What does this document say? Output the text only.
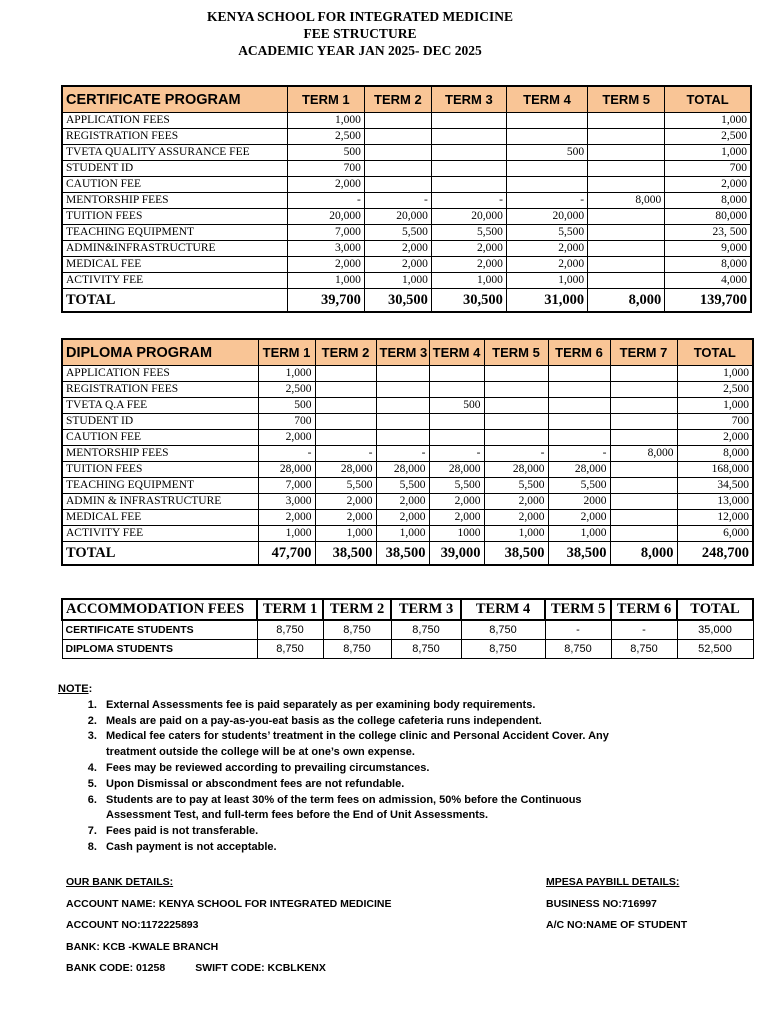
KENYA SCHOOL FOR INTEGRATED MEDICINE
FEE STRUCTURE
ACADEMIC YEAR JAN 2025- DEC 2025
CERTIFICATE PROGRAM	TERM 1	TERM 2	TERM 3	TERM 4	TERM 5	TOTAL
APPLICATION FEES	1,000					1,000
REGISTRATION FEES	2,500					2,500
TVETA QUALITY ASSURANCE FEE	500			500		1,000
STUDENT ID	700					700
CAUTION FEE	2,000					2,000
MENTORSHIP FEES	-	-	-	-	8,000	8,000
TUITION FEES	20,000	20,000	20,000	20,000		80,000
TEACHING EQUIPMENT	7,000	5,500	5,500	5,500		23, 500
ADMIN&INFRASTRUCTURE	3,000	2,000	2,000	2,000		9,000
MEDICAL FEE	2,000	2,000	2,000	2,000		8,000
ACTIVITY FEE	1,000	1,000	1,000	1,000		4,000
TOTAL	39,700	30,500	30,500	31,000	8,000	139,700
DIPLOMA PROGRAM	TERM 1	TERM 2	TERM 3	TERM 4	TERM 5	TERM 6	TERM 7	TOTAL
APPLICATION FEES	1,000							1,000
REGISTRATION FEES	2,500							2,500
TVETA Q.A FEE	500			500				1,000
STUDENT ID	700							700
CAUTION FEE	2,000							2,000
MENTORSHIP FEES	-	-	-	-	-	-	8,000	8,000
TUITION FEES	28,000	28,000	28,000	28,000	28,000	28,000		168,000
TEACHING EQUIPMENT	7,000	5,500	5,500	5,500	5,500	5,500		34,500
ADMIN & INFRASTRUCTURE	3,000	2,000	2,000	2,000	2,000	2000		13,000
MEDICAL FEE	2,000	2,000	2,000	2,000	2,000	2,000		12,000
ACTIVITY FEE	1,000	1,000	1,000	1000	1,000	1,000		6,000
TOTAL	47,700	38,500	38,500	39,000	38,500	38,500	8,000	248,700
ACCOMMODATION FEES	TERM 1	TERM 2	TERM 3	TERM 4	TERM 5	TERM 6	TOTAL
CERTIFICATE STUDENTS	8,750	8,750	8,750	8,750	-	-	35,000
DIPLOMA STUDENTS	8,750	8,750	8,750	8,750	8,750	8,750	52,500
NOTE:
1. External Assessments fee is paid separately as per examining body requirements.
2. Meals are paid on a pay-as-you-eat basis as the college cafeteria runs independent.
3. Medical fee caters for students’ treatment in the college clinic and Personal Accident Cover. Any treatment outside the college will be at one’s own expense.
4. Fees may be reviewed according to prevailing circumstances.
5. Upon Dismissal or abscondment fees are not refundable.
6. Students are to pay at least 30% of the term fees on admission, 50% before the Continuous Assessment Test, and full-term fees before the End of Unit Assessments.
7. Fees paid is not transferable.
8. Cash payment is not acceptable.
OUR BANK DETAILS:
ACCOUNT NAME: KENYA SCHOOL FOR INTEGRATED MEDICINE
ACCOUNT NO:1172225893
BANK: KCB -KWALE BRANCH
BANK CODE: 01258	SWIFT CODE: KCBLKENX
MPESA PAYBILL DETAILS:
BUSINESS NO:716997
A/C NO:NAME OF STUDENT
